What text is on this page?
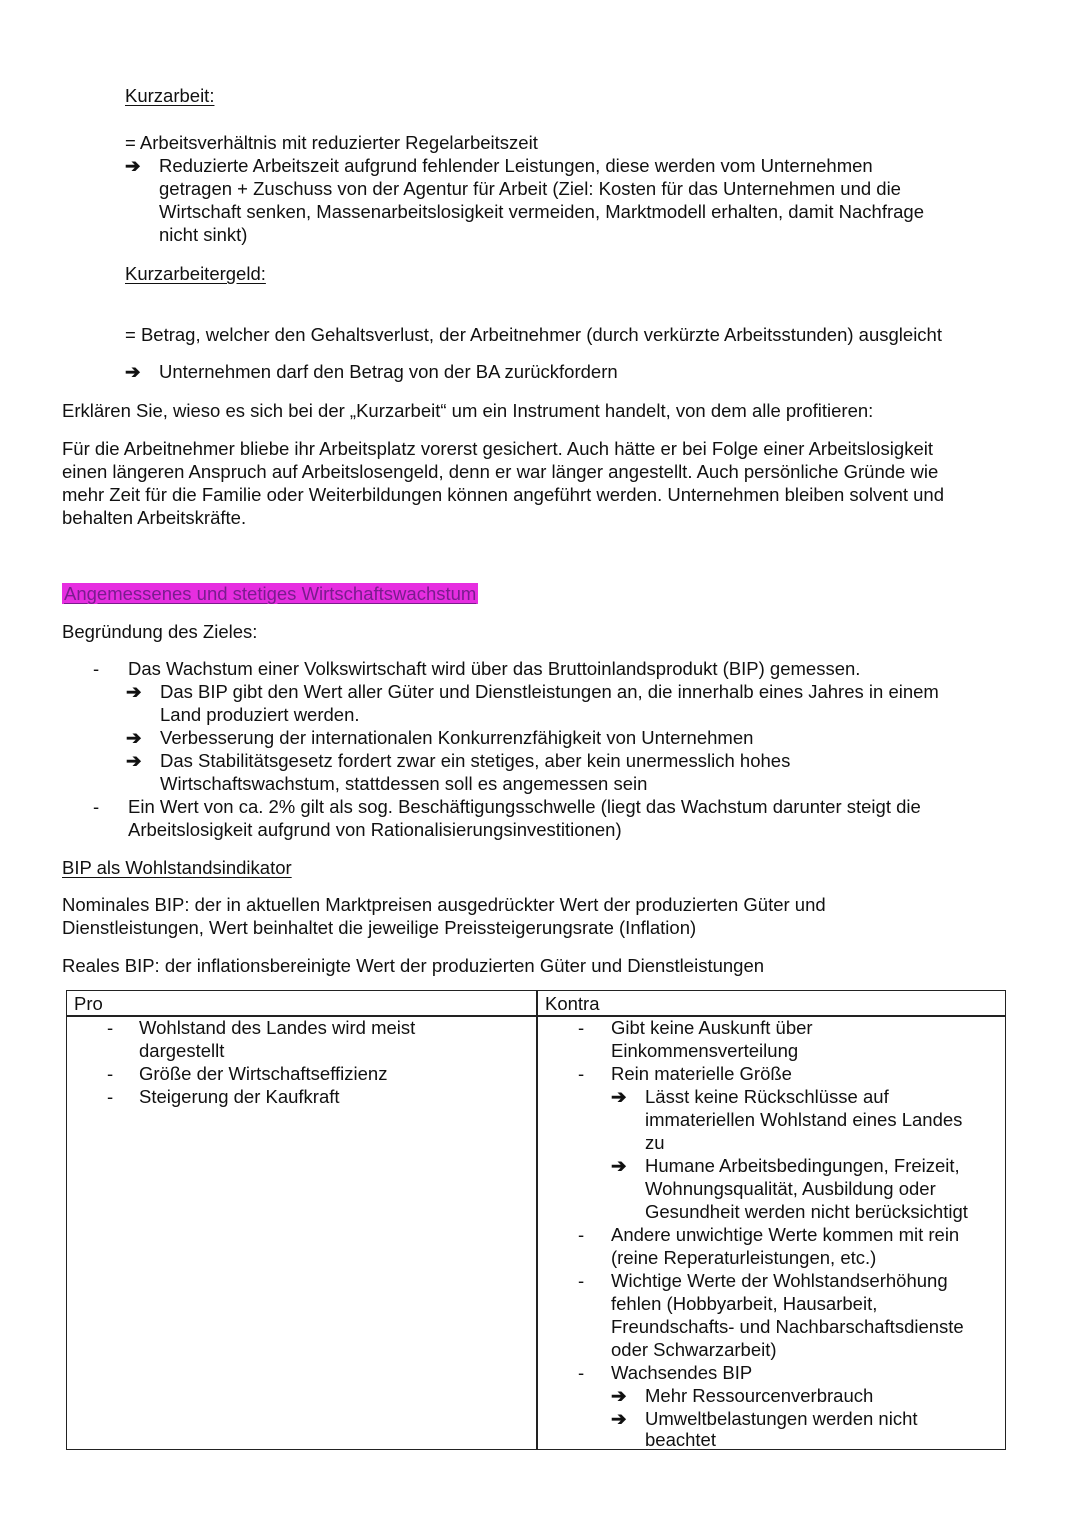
Kurzarbeit:
= Arbeitsverhältnis mit reduzierter Regelarbeitszeit
➔ Reduzierte Arbeitszeit aufgrund fehlender Leistungen, diese werden vom Unternehmen
getragen + Zuschuss von der Agentur für Arbeit (Ziel: Kosten für das Unternehmen und die
Wirtschaft senken, Massenarbeitslosigkeit vermeiden, Marktmodell erhalten, damit Nachfrage
nicht sinkt)
Kurzarbeitergeld:
= Betrag, welcher den Gehaltsverlust, der Arbeitnehmer (durch verkürzte Arbeitsstunden) ausgleicht
➔ Unternehmen darf den Betrag von der BA zurückfordern
Erklären Sie, wieso es sich bei der „Kurzarbeit“ um ein Instrument handelt, von dem alle profitieren:
Für die Arbeitnehmer bliebe ihr Arbeitsplatz vorerst gesichert. Auch hätte er bei Folge einer Arbeitslosigkeit
einen längeren Anspruch auf Arbeitslosengeld, denn er war länger angestellt. Auch persönliche Gründe wie
mehr Zeit für die Familie oder Weiterbildungen können angeführt werden. Unternehmen bleiben solvent und
behalten Arbeitskräfte.
Angemessenes und stetiges Wirtschaftswachstum
Begründung des Zieles:
- Das Wachstum einer Volkswirtschaft wird über das Bruttoinlandsprodukt (BIP) gemessen.
➔ Das BIP gibt den Wert aller Güter und Dienstleistungen an, die innerhalb eines Jahres in einem
Land produziert werden.
➔ Verbesserung der internationalen Konkurrenzfähigkeit von Unternehmen
➔ Das Stabilitätsgesetz fordert zwar ein stetiges, aber kein unermesslich hohes
Wirtschaftswachstum, stattdessen soll es angemessen sein
- Ein Wert von ca. 2% gilt als sog. Beschäftigungsschwelle (liegt das Wachstum darunter steigt die
Arbeitslosigkeit aufgrund von Rationalisierungsinvestitionen)
BIP als Wohlstandsindikator
Nominales BIP: der in aktuellen Marktpreisen ausgedrückter Wert der produzierten Güter und
Dienstleistungen, Wert beinhaltet die jeweilige Preissteigerungsrate (Inflation)
Reales BIP: der inflationsbereinigte Wert der produzierten Güter und Dienstleistungen
Pro	Kontra
- Wohlstand des Landes wird meist
dargestellt
- Größe der Wirtschaftseffizienz
- Steigerung der Kaufkraft
- Gibt keine Auskunft über
Einkommensverteilung
- Rein materielle Größe
➔ Lässt keine Rückschlüsse auf
immateriellen Wohlstand eines Landes
zu
➔ Humane Arbeitsbedingungen, Freizeit,
Wohnungsqualität, Ausbildung oder
Gesundheit werden nicht berücksichtigt
- Andere unwichtige Werte kommen mit rein
(reine Reperaturleistungen, etc.)
- Wichtige Werte der Wohlstandserhöhung
fehlen (Hobbyarbeit, Hausarbeit,
Freundschafts- und Nachbarschaftsdienste
oder Schwarzarbeit)
- Wachsendes BIP
➔ Mehr Ressourcenverbrauch
➔ Umweltbelastungen werden nicht
beachtet
